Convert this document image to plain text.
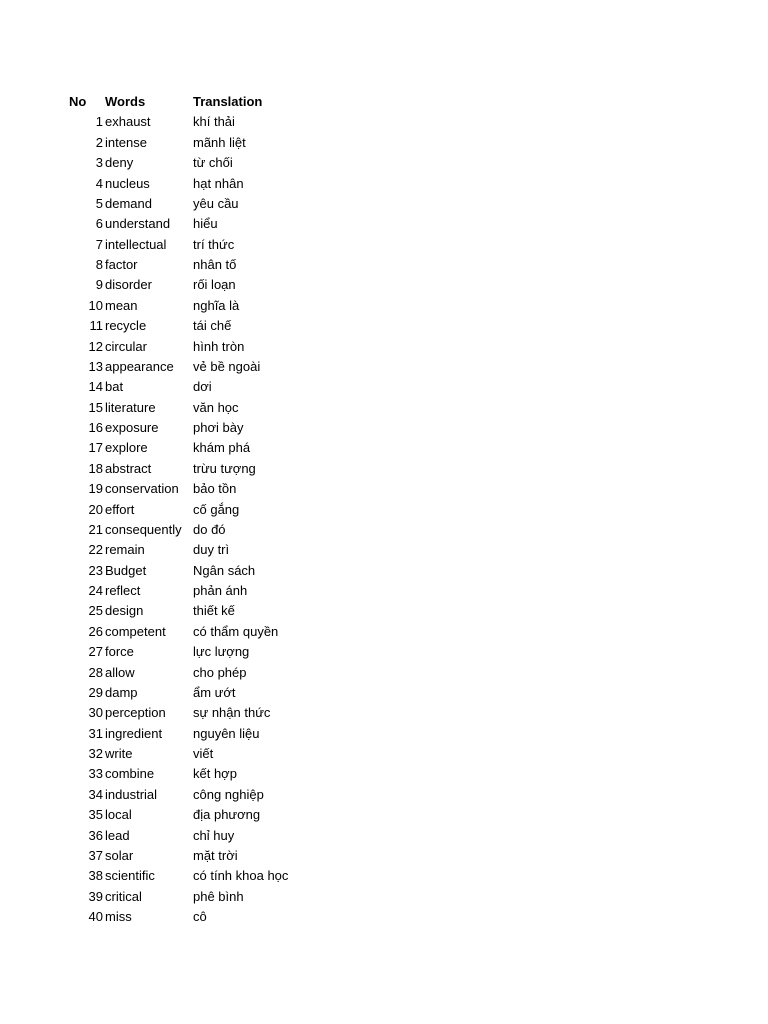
No	Words	Translation
1	exhaust	khí thải
2	intense	mãnh liệt
3	deny	từ chối
4	nucleus	hạt nhân
5	demand	yêu cầu
6	understand	hiểu
7	intellectual	trí thức
8	factor	nhân tố
9	disorder	rối loạn
10	mean	nghĩa là
11	recycle	tái chế
12	circular	hình tròn
13	appearance	vẻ bề ngoài
14	bat	dơi
15	literature	văn học
16	exposure	phơi bày
17	explore	khám phá
18	abstract	trừu tượng
19	conservation	bảo tồn
20	effort	cố gắng
21	consequently	do đó
22	remain	duy trì
23	Budget	Ngân sách
24	reflect	phản ánh
25	design	thiết kế
26	competent	có thẩm quyền
27	force	lực lượng
28	allow	cho phép
29	damp	ẩm ướt
30	perception	sự nhận thức
31	ingredient	nguyên liệu
32	write	viết
33	combine	kết hợp
34	industrial	công nghiệp
35	local	địa phương
36	lead	chỉ huy
37	solar	mặt trời
38	scientific	có tính khoa học
39	critical	phê bình
40	miss	cô
